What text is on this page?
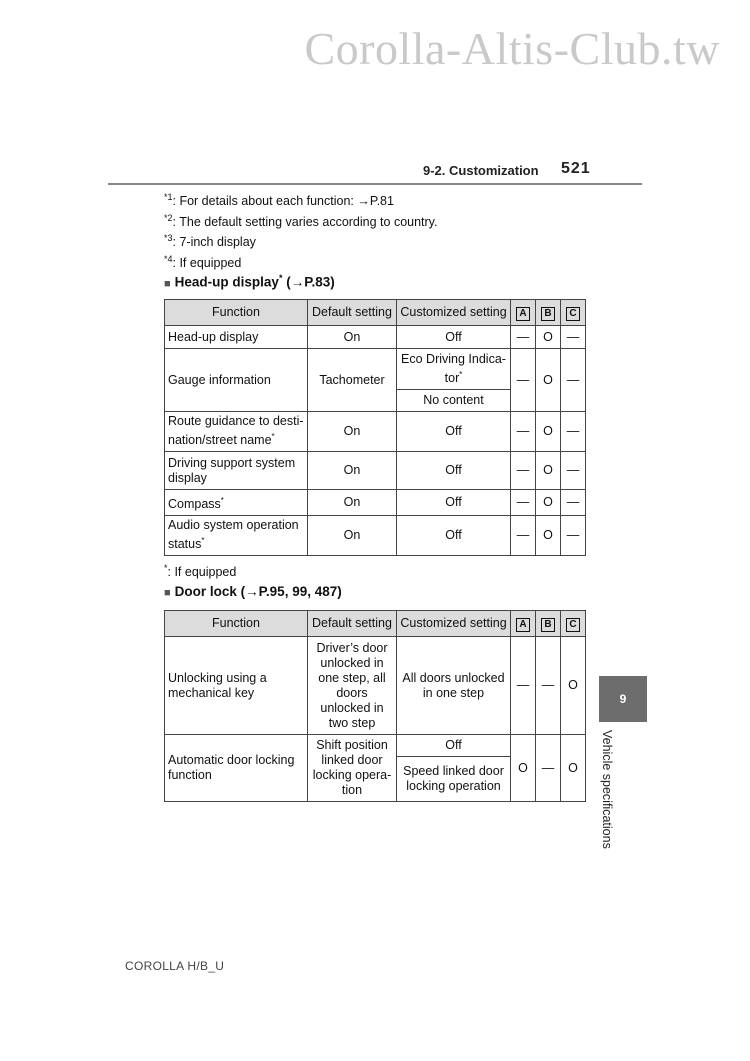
Corolla-Altis-Club.tw
9-2. Customization 521
$^{*1}$: For details about each function: →P.81
$^{*2}$: The default setting varies according to country.
$^{*3}$: 7-inch display
$^{*4}$: If equipped
■ Head-up display* (→P.83)
Function	Default setting	Customized setting	A	B	C
Head-up display	On	Off	—	O	—
Gauge information	Tachometer	Eco Driving Indica-tor*	—	O	—
		No content			
Route guidance to desti-nation/street name*	On	Off	—	O	—
Driving support system display	On	Off	—	O	—
Compass*	On	Off	—	O	—
Audio system operation status*	On	Off	—	O	—
*: If equipped
■ Door lock (→P.95, 99, 487)
Function	Default setting	Customized setting	A	B	C
Unlocking using a mechanical key	Driver’s door unlocked in one step, all doors unlocked in two step	All doors unlocked in one step	—	—	O
Automatic door locking function	Shift position linked door locking opera-tion	Off	O	—	O
		Speed linked door locking operation			
9
Vehicle specifications
COROLLA H/B_U
